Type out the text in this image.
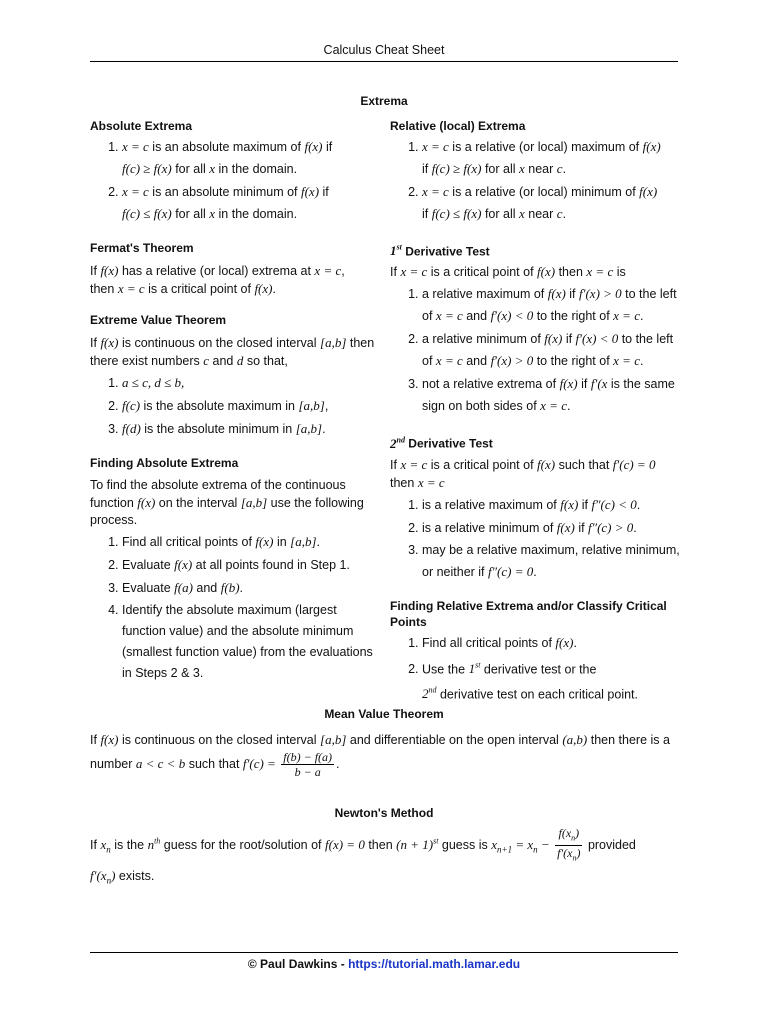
Calculus Cheat Sheet
Extrema

Absolute Extrema

1. x = c is an absolute maximum of f(x) if
f(c) ≥ f(x) for all x in the domain.
2. x = c is an absolute minimum of f(x) if
f(c) ≤ f(x) for all x in the domain.

Fermat's Theorem

If f(x) has a relative (or local) extrema at x = c,
then x = c is a critical point of f(x).

Extreme Value Theorem

If f(x) is continuous on the closed interval [a,b] then there exist numbers c and d so that,

1. a ≤ c, d ≤ b,
2. f(c) is the absolute maximum in [a,b],
3. f(d) is the absolute minimum in [a,b].

Finding Absolute Extrema

To find the absolute extrema of the continuous function f(x) on the interval [a,b] use the following process.

1. Find all critical points of f(x) in [a,b].
2. Evaluate f(x) at all points found in Step 1.
3. Evaluate f(a) and f(b).
4. Identify the absolute maximum (largest function value) and the absolute minimum (smallest function value) from the evaluations in Steps 2 & 3.

Relative (local) Extrema

1. x = c is a relative (or local) maximum of f(x)
if f(c) ≥ f(x) for all x near c.
2. x = c is a relative (or local) minimum of f(x)
if f(c) ≤ f(x) for all x near c.

1st Derivative Test

If x = c is a critical point of f(x) then x = c is

1. a relative maximum of f(x) if f′(x) > 0 to the left of x = c and f′(x) < 0 to the right of x = c.
2. a relative minimum of f(x) if f′(x) < 0 to the left of x = c and f′(x) > 0 to the right of x = c.
3. not a relative extrema of f(x) if f′(x is the same sign on both sides of x = c.

2nd Derivative Test

If x = c is a critical point of f(x) such that f′(c) = 0
then x = c

1. is a relative maximum of f(x) if f″(c) < 0.
2. is a relative minimum of f(x) if f″(c) > 0.
3. may be a relative maximum, relative minimum, or neither if f″(c) = 0.

Finding Relative Extrema and/or Classify Critical Points

1. Find all critical points of f(x).
2. Use the 1st derivative test or the
2nd derivative test on each critical point.
Mean Value Theorem
If f(x) is continuous on the closed interval [a,b] and differentiable on the open interval (a,b) then there is a number a < c < b such that $f'(c) = \frac{f(b) - f(a)}{b - a}$ .
Newton's Method
If $x_n$ is the $n^{th}$ guess for the root/solution of f(x) = 0 then $(n + 1)^{st}$ guess is $x_{n+1} = x_n - \frac{f(x_n)}{f'(x_n)}$ provided
$f'(x_n)$ exists.
© Paul Dawkins - https://tutorial.math.lamar.edu
